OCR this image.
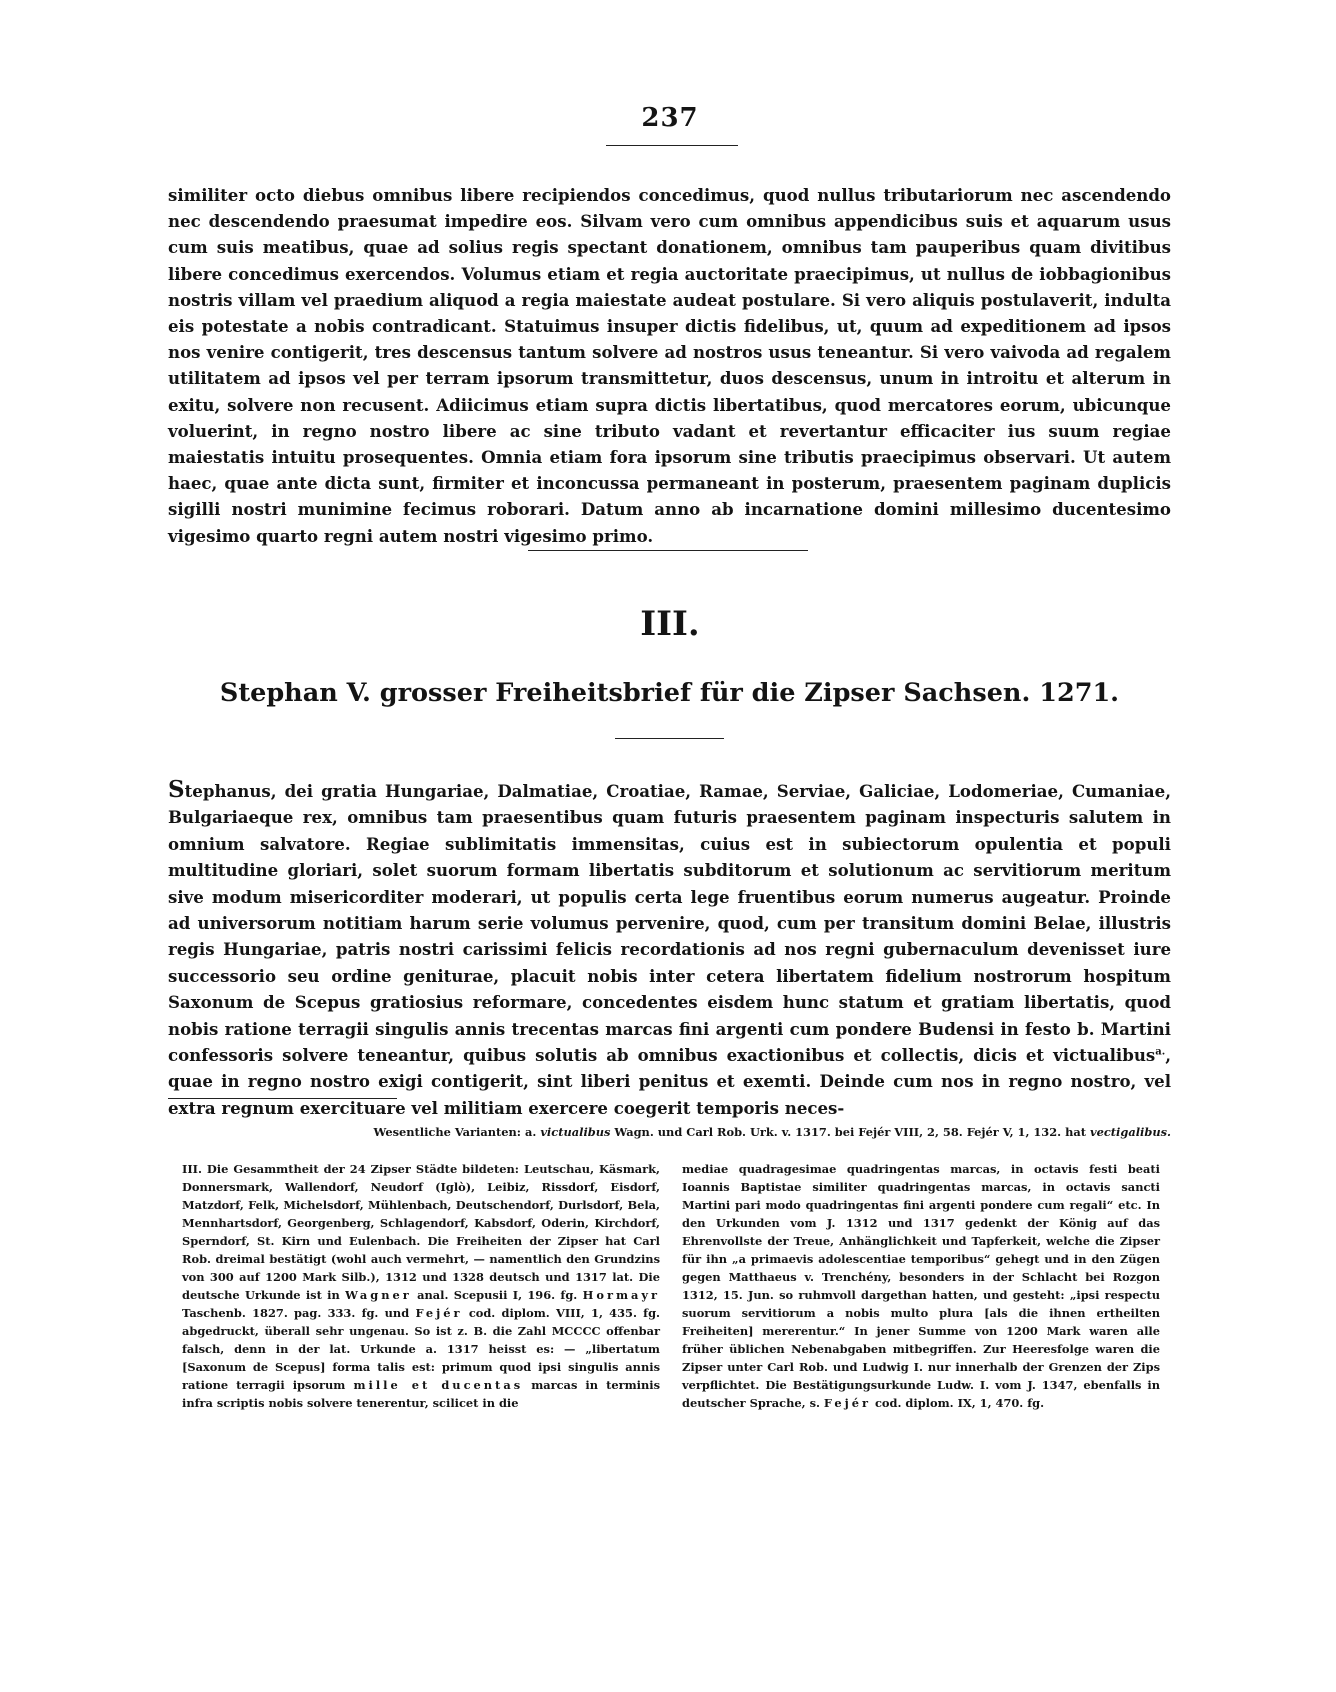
237

similiter octo diebus omnibus libere recipiendos concedimus, quod nullus tributariorum nec ascendendo nec descendendo praesumat impedire eos. Silvam vero cum omnibus appendicibus suis et aquarum usus cum suis meatibus, quae ad solius regis spectant donationem, omnibus tam pauperibus quam divitibus libere concedimus exercendos. Volumus etiam et regia auctoritate praecipimus, ut nullus de iobbagionibus nostris villam vel praedium aliquod a regia maiestate audeat postulare. Si vero aliquis postulaverit, indulta eis potestate a nobis contradicant. Statuimus insuper dictis fidelibus, ut, quum ad expeditionem ad ipsos nos venire contigerit, tres descensus tantum solvere ad nostros usus teneantur. Si vero vaivoda ad regalem utilitatem ad ipsos vel per terram ipsorum transmittetur, duos descensus, unum in introitu et alterum in exitu, solvere non recusent. Adiicimus etiam supra dictis libertatibus, quod mercatores eorum, ubicunque voluerint, in regno nostro libere ac sine tributo vadant et revertantur efficaciter ius suum regiae maiestatis intuitu prosequentes. Omnia etiam fora ipsorum sine tributis praecipimus observari. Ut autem haec, quae ante dicta sunt, firmiter et inconcussa permaneant in posterum, praesentem paginam duplicis sigilli nostri munimine fecimus roborari. Datum anno ab incarnatione domini millesimo ducentesimo vigesimo quarto regni autem nostri vigesimo primo.

III.
Stephan V. grosser Freiheitsbrief für die Zipser Sachsen. 1271.

Stephanus, dei gratia Hungariae, Dalmatiae, Croatiae, Ramae, Serviae, Galiciae, Lodomeriae, Cumaniae, Bulgariaeque rex, omnibus tam praesentibus quam futuris praesentem paginam inspecturis salutem in omnium salvatore. Regiae sublimitatis immensitas, cuius est in subiectorum opulentia et populi multitudine gloriari, solet suorum formam libertatis subditorum et solutionum ac servitiorum meritum sive modum misericorditer moderari, ut populis certa lege fruentibus eorum numerus augeatur. Proinde ad universorum notitiam harum serie volumus pervenire, quod, cum per transitum domini Belae, illustris regis Hungariae, patris nostri carissimi felicis recordationis ad nos regni gubernaculum devenisset iure successorio seu ordine geniturae, placuit nobis inter cetera libertatem fidelium nostrorum hospitum Saxonum de Scepus gratiosius reformare, concedentes eisdem hunc statum et gratiam libertatis, quod nobis ratione terragii singulis annis trecentas marcas fini argenti cum pondere Budensi in festo b. Martini confessoris solvere teneantur, quibus solutis ab omnibus exactionibus et collectis, dicis et victualibus$^{a.}$, quae in regno nostro exigi contigerit, sint liberi penitus et exemti. Deinde cum nos in regno nostro, vel extra regnum exercituare vel militiam exercere coegerit temporis neces-

Wesentliche Varianten: a. victualibus Wagn. und Carl Rob. Urk. v. 1317. bei Fejér VIII, 2, 58. Fejér V, 1, 132. hat vectigalibus.

III. Die Gesammtheit der 24 Zipser Städte bildeten: Leutschau, Käsmark, Donnersmark, Wallendorf, Neudorf (Iglò), Leibiz, Rissdorf, Eisdorf, Matzdorf, Felk, Michelsdorf, Mühlenbach, Deutschendorf, Durlsdorf, Bela, Mennhartsdorf, Georgenberg, Schlagendorf, Kabsdorf, Oderin, Kirchdorf, Sperndorf, St. Kirn und Eulenbach. Die Freiheiten der Zipser hat Carl Rob. dreimal bestätigt (wohl auch vermehrt, — namentlich den Grundzins von 300 auf 1200 Mark Silb.), 1312 und 1328 deutsch und 1317 lat. Die deutsche Urkunde ist in Wagner anal. Scepusii I, 196. fg. Hormayr Taschenb. 1827. pag. 333. fg. und Fejér cod. diplom. VIII, 1, 435. fg. abgedruckt, überall sehr ungenau. So ist z. B. die Zahl MCCCC offenbar falsch, denn in der lat. Urkunde a. 1317 heisst es: — „libertatum [Saxonum de Scepus] forma talis est: primum quod ipsi singulis annis ratione terragii ipsorum mille et ducentas marcas in terminis infra scriptis nobis solvere tenerentur, scilicet in die

mediae quadragesimae quadringentas marcas, in octavis festi beati Ioannis Baptistae similiter quadringentas marcas, in octavis sancti Martini pari modo quadringentas fini argenti pondere cum regali“ etc. In den Urkunden vom J. 1312 und 1317 gedenkt der König auf das Ehrenvollste der Treue, Anhänglichkeit und Tapferkeit, welche die Zipser für ihn „a primaevis adolescentiae temporibus“ gehegt und in den Zügen gegen Matthaeus v. Trenchény, besonders in der Schlacht bei Rozgon 1312, 15. Jun. so ruhmvoll dargethan hatten, und gesteht: „ipsi respectu suorum servitiorum a nobis multo plura [als die ihnen ertheilten Freiheiten] mererentur.“ In jener Summe von 1200 Mark waren alle früher üblichen Nebenabgaben mitbegriffen. Zur Heeresfolge waren die Zipser unter Carl Rob. und Ludwig I. nur innerhalb der Grenzen der Zips verpflichtet. Die Bestätigungsurkunde Ludw. I. vom J. 1347, ebenfalls in deutscher Sprache, s. Fejér cod. diplom. IX, 1, 470. fg.
